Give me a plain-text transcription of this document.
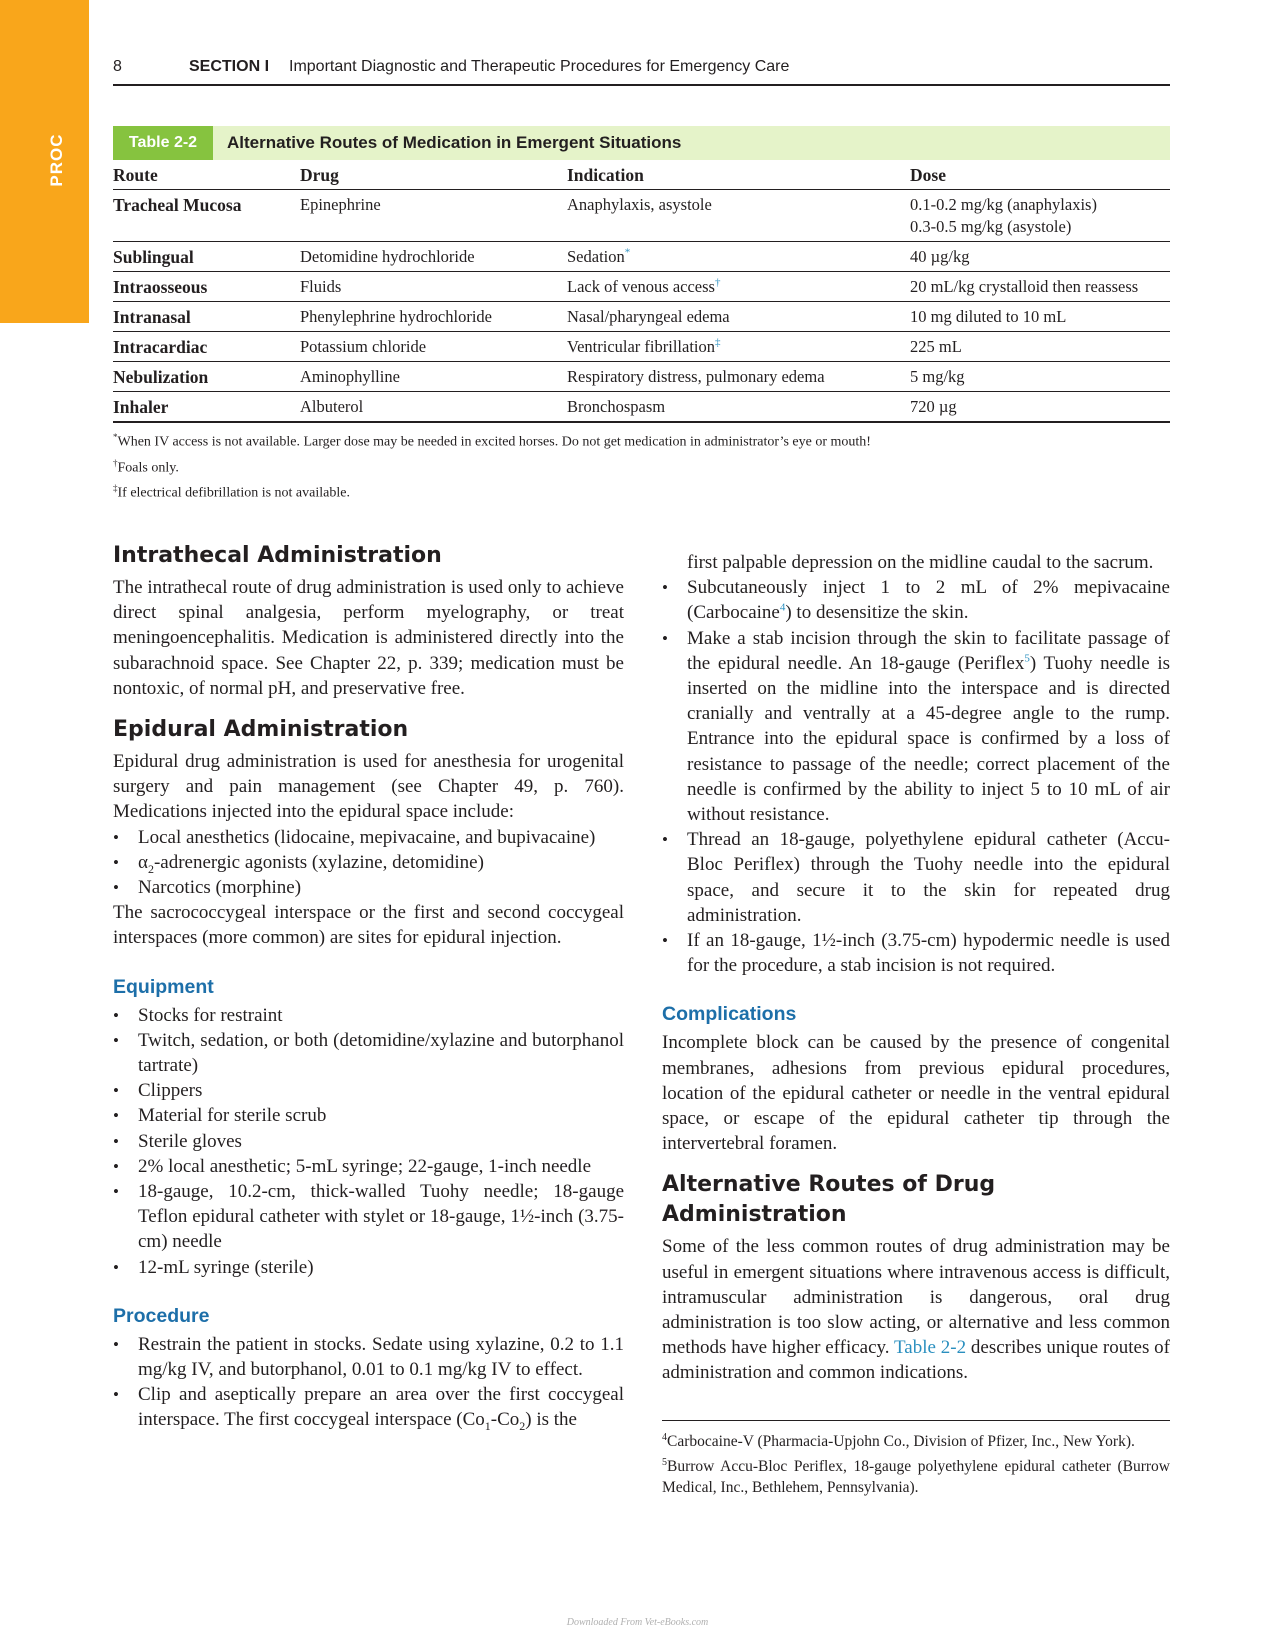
PROC
8	SECTION I Important Diagnostic and Therapeutic Procedures for Emergency Care
Table 2-2	Alternative Routes of Medication in Emergent Situations
Route	Drug	Indication	Dose
Tracheal Mucosa	Epinephrine	Anaphylaxis, asystole	0.1-0.2 mg/kg (anaphylaxis)
0.3-0.5 mg/kg (asystole)

Sublingual	Detomidine hydrochloride	Sedation*	40 µg/kg

Intraosseous	Fluids	Lack of venous access†	20 mL/kg crystalloid then reassess

Intranasal	Phenylephrine hydrochloride	Nasal/pharyngeal edema	10 mg diluted to 10 mL

Intracardiac	Potassium chloride	Ventricular fibrillation‡	225 mL

Nebulization	Aminophylline	Respiratory distress, pulmonary edema	5 mg/kg

Inhaler	Albuterol	Bronchospasm	720 µg
*When IV access is not available. Larger dose may be needed in excited horses. Do not get medication in administrator’s eye or mouth!
†Foals only.
‡If electrical defibrillation is not available.
Intrathecal Administration

The intrathecal route of drug administration is used only to achieve direct spinal analgesia, perform myelography, or treat meningoencephalitis. Medication is administered directly into the subarachnoid space. See Chapter 22, p. 339; medication must be nontoxic, of normal pH, and preservative free.

Epidural Administration

Epidural drug administration is used for anesthesia for urogenital surgery and pain management (see Chapter 49, p. 760). Medications injected into the epidural space include:

• Local anesthetics (lidocaine, mepivacaine, and bupivacaine)
• $\alpha_2$-adrenergic agonists (xylazine, detomidine)
• Narcotics (morphine)

The sacrococcygeal interspace or the first and second coccygeal interspaces (more common) are sites for epidural injection.

Equipment
• Stocks for restraint
• Twitch, sedation, or both (detomidine/xylazine and butorphanol tartrate)
• Clippers
• Material for sterile scrub
• Sterile gloves
• 2% local anesthetic; 5-mL syringe; 22-gauge, 1-inch needle
• 18-gauge, 10.2-cm, thick-walled Tuohy needle; 18-gauge Teflon epidural catheter with stylet or 18-gauge, 1½-inch (3.75-cm) needle
• 12-mL syringe (sterile)
Procedure
• Restrain the patient in stocks. Sedate using xylazine, 0.2 to 1.1 mg/kg IV, and butorphanol, 0.01 to 0.1 mg/kg IV to effect.
• Clip and aseptically prepare an area over the first coccygeal interspace. The first coccygeal interspace $(Co_1-Co_2)$ is the

first palpable depression on the midline caudal to the sacrum.

• Subcutaneously inject 1 to 2 mL of 2% mepivacaine (Carbocaine$^4$) to desensitize the skin.
• Make a stab incision through the skin to facilitate passage of the epidural needle. An 18-gauge (Periflex$^5$) Tuohy needle is inserted on the midline into the interspace and is directed cranially and ventrally at a 45-degree angle to the rump. Entrance into the epidural space is confirmed by a loss of resistance to passage of the needle; correct placement of the needle is confirmed by the ability to inject 5 to 10 mL of air without resistance.
• Thread an 18-gauge, polyethylene epidural catheter (Accu-Bloc Periflex) through the Tuohy needle into the epidural space, and secure it to the skin for repeated drug administration.
• If an 18-gauge, 1½-inch (3.75-cm) hypodermic needle is used for the procedure, a stab incision is not required.
Complications

Incomplete block can be caused by the presence of congenital membranes, adhesions from previous epidural procedures, location of the epidural catheter or needle in the ventral epidural space, or escape of the epidural catheter tip through the intervertebral foramen.

Alternative Routes of Drug Administration

Some of the less common routes of drug administration may be useful in emergent situations where intravenous access is difficult, intramuscular administration is dangerous, oral drug administration is too slow acting, or alternative and less common methods have higher efficacy. Table 2-2 describes unique routes of administration and common indications.

$^4$Carbocaine-V (Pharmacia-Upjohn Co., Division of Pfizer, Inc., New York).
$^5$Burrow Accu-Bloc Periflex, 18-gauge polyethylene epidural catheter (Burrow Medical, Inc., Bethlehem, Pennsylvania).
Downloaded From Vet-eBooks.com
